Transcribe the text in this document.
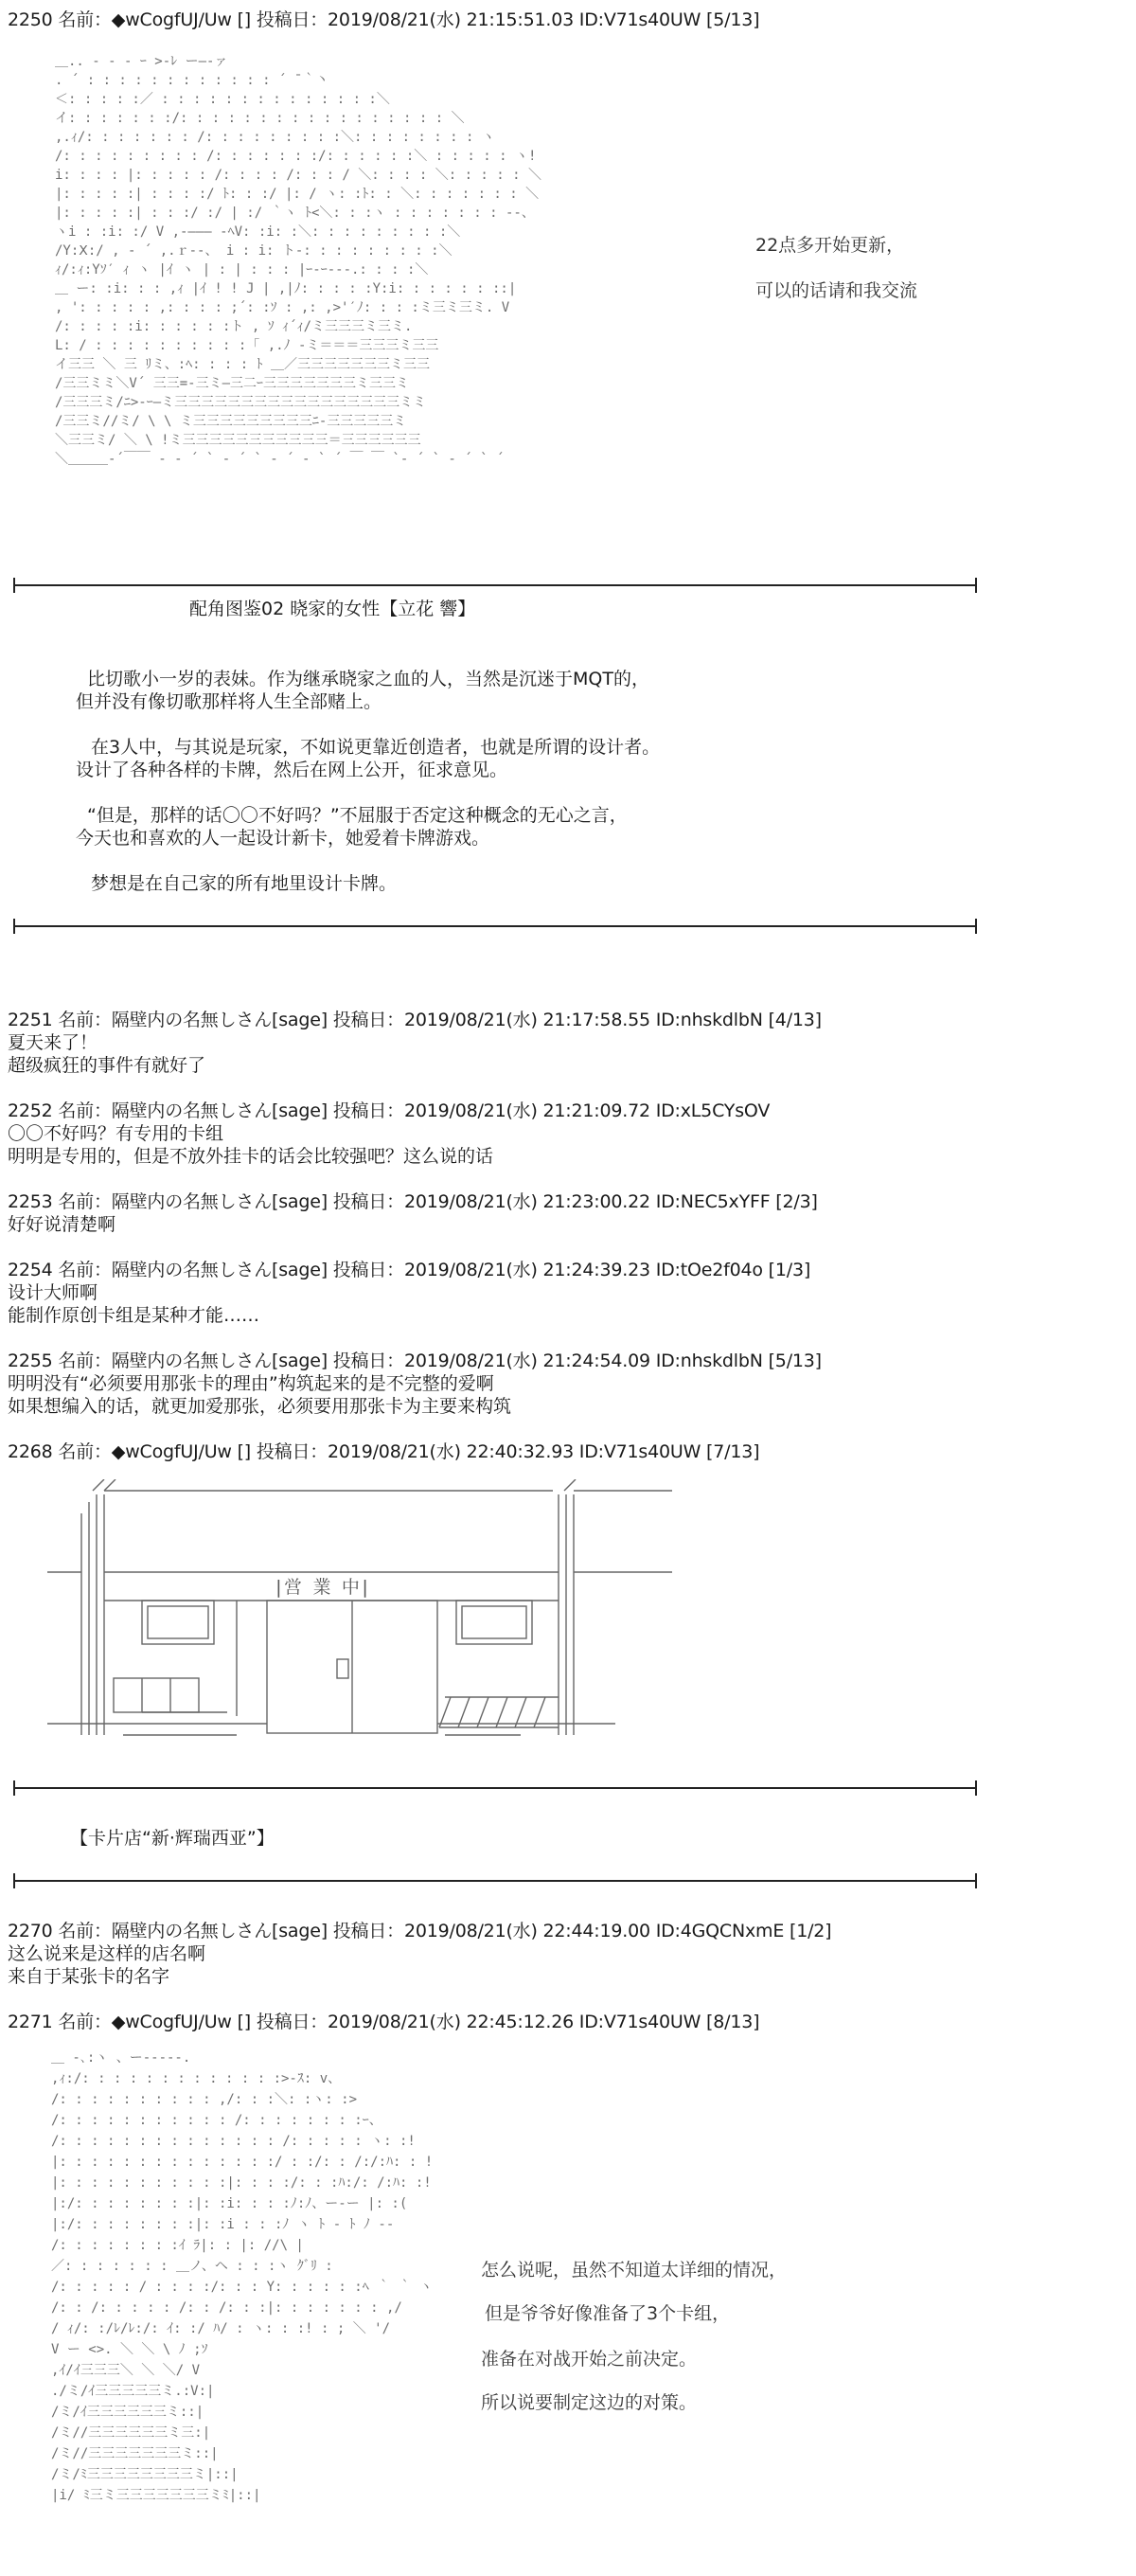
2250 名前：◆wCogfUJ/Uw [] 投稿日：2019/08/21(水) 21:15:51.03 ID:V71s40UW [5/13]

＿.. - ‐ ‐ ｰ >‐ﾚ ー―‐ァ

. ´ : : : : : : : : : : : : ´ ̄ ｀丶

＜: : : : :／ : : : : : : : : : : : : : :＼

イ: : : : : : :/: : : : : : : : : : : : : : : : : ＼

,.ｨ/: : : : : : : /: : : : : : : : :＼: : : : : : : : ヽ

/: : : : : : : : : /: : : : : : :/: : : : : :＼ : : : : : ヽ!

i: : : : |: : : : : /: : : : /: : : / ＼: : : : ＼: : : : : ＼

|: : : : :| : : : :/ ﾄ: : :/ |: / ヽ: :ﾄ: : ＼: : : : : : : ＼

|: : : : :| : : :/ :/ | :/ ｀ヽ ﾄ<＼: : :ヽ : : : : : : : ‐-、

ヽi : :i: :/ V ,‐――― ‐ﾍV: :i: :＼: : : : : : : : :＼

/Y:Ⅹ:/ , ‐ ´ ,.ｒ‐-、 i : i: ト‐: : : : : : : : :＼

ｨ/:ｨ:Yｿ′ ｨ ヽ |ｲ ヽ | : | : : : |ｰ‐ｰ‐‐-.: : : :＼

＿ ー: :i: : : ,ｨ |ｲ ! ! J | ,|ﾉ: : : : :Y:i: : : : : : ::|

, ': : : : : ,: : : : ;´: :ｿ : ,: ,>'′ﾉ: : : :ミ三ミ三ミ. V

/: : : : :i: : : : : :ト , ｿ ｨ´ｨ/ミ三三三ミ三ミ.

L: / : : : : : : : : : :「 ,.ﾉ ‐ミ＝＝＝三三三ミ三三

イ三三 ＼ 三 ﾘミ、:ﾍ: : : : ﾄ ＿／三三三三三三三ミ三三

/三三ミミ＼V´ 三三=-三ミ―三二ｰ三三三三三三三ミ三三ミ

/三三三ミ/ﾆ>-ｰ―ミ三三三三三三三三三三三三三三三三三ミミ

/三三ミ//ミ/ \ \ ミ三三三三三三三三三ﾆ-三三三三三ミ

＼三三ミ/ ＼ \ !ミ三三三三三三三三三三三＝三三三三三三

＼＿＿＿‐´￣￣ ‐ ‐ ´ ` ‐ ´ ` ‐ ´ ‐ ` ´ ￣ ￣ `‐ ´ ` ‐ ´ ` ´

22点多开始更新，
可以的话请和我交流
配角图鉴02 晓家的女性【立花 響】
比切歌小一岁的表妹。作为继承晓家之血的人，当然是沉迷于MQT的，
但并没有像切歌那样将人生全部赌上。
在3人中，与其说是玩家，不如说更靠近创造者，也就是所谓的设计者。
设计了各种各样的卡牌，然后在网上公开，征求意见。
“但是，那样的话〇〇不好吗？”不屈服于否定这种概念的无心之言，
今天也和喜欢的人一起设计新卡，她爱着卡牌游戏。
梦想是在自己家的所有地里设计卡牌。
2251 名前：隔壁内の名無しさん[sage] 投稿日：2019/08/21(水) 21:17:58.55 ID:nhskdlbN [4/13]
夏天来了！
超级疯狂的事件有就好了
2252 名前：隔壁内の名無しさん[sage] 投稿日：2019/08/21(水) 21:21:09.72 ID:xL5CYsOV
〇〇不好吗？有专用的卡组
明明是专用的，但是不放外挂卡的话会比较强吧？这么说的话
2253 名前：隔壁内の名無しさん[sage] 投稿日：2019/08/21(水) 21:23:00.22 ID:NEC5xYFF [2/3]
好好说清楚啊
2254 名前：隔壁内の名無しさん[sage] 投稿日：2019/08/21(水) 21:24:39.23 ID:tOe2f04o [1/3]
设计大师啊
能制作原创卡组是某种才能……
2255 名前：隔壁内の名無しさん[sage] 投稿日：2019/08/21(水) 21:24:54.09 ID:nhskdlbN [5/13]
明明没有“必须要用那张卡的理由”构筑起来的是不完整的爱啊
如果想编入的话，就更加爱那张，必须要用那张卡为主要来构筑
2268 名前：◆wCogfUJ/Uw [] 投稿日：2019/08/21(水) 22:40:32.93 ID:V71s40UW [7/13]
|営 業 中|
【卡片店“新·辉瑞西亚”】
2270 名前：隔壁内の名無しさん[sage] 投稿日：2019/08/21(水) 22:44:19.00 ID:4GQCNxmE [1/2]
这么说来是这样的店名啊
来自于某张卡的名字
2271 名前：◆wCogfUJ/Uw [] 投稿日：2019/08/21(水) 22:45:12.26 ID:V71s40UW [8/13]

＿ -､:ヽ 、ー‐‐‐‐‐.

,ｨ:/: : : : : : : : : : : : :>-ｽ: v、

/: : : : : : : : : : ,/: : :＼: :ヽ: :>

/: : : : : : : : : : : /: : : : : : : :ｰ、

/: : : : : : : : : : : : : : /: : : : : ヽ: :!

|: : : : : : : : : : : : : :/ : :/: : /:/:ﾊ: : !

|: : : : : : : : : : :|: : : :/: : :ﾊ:/: /:ﾊ: :!

|:/: : : : : : : :|: :i: : : :ﾉ:ﾉ、ー-ー |: :(

|:/: : : : : : : :|: :i : : :ﾉ ヽ ﾄ ‐ ﾄ ﾉ ‐‐

/: : : : : : : :ｲ ﾗ|: : |: //\ |

／: : : : : : : ＿ノ、ヘ : : :ヽ ｸﾞﾘ :

/: : : : : / : : : :/: : : Y: : : : : :ﾍ ｀ ｀ ヽ

/: : /: : : : : /: : /: : :|: : : : : : : ,/

/ ｨ/: :/ﾚ/ﾚ:/: ｲ: :/ ﾊ/ : ヽ: : :! : ; ＼ '/

V ー <>. ＼ ＼ \ ﾉ ;ｿ

,ｲ/ｲ三三三＼ ＼ ＼/ V

./ミ/ｲ三三三三三ミ.:V:|

/ミ/ｲ三三三三三三ミ::|

/ミ//三三三三三三ミ三:|

/ミ//三三三三三三三ミ::|

/ミ/ﾐ三三三三三三三三ミ|::|

|i/ ﾐ三ミ三三三三三三三ミﾐ|::|

怎么说呢，虽然不知道太详细的情况，
但是爷爷好像准备了3个卡组，
准备在对战开始之前决定。
所以说要制定这边的对策。
